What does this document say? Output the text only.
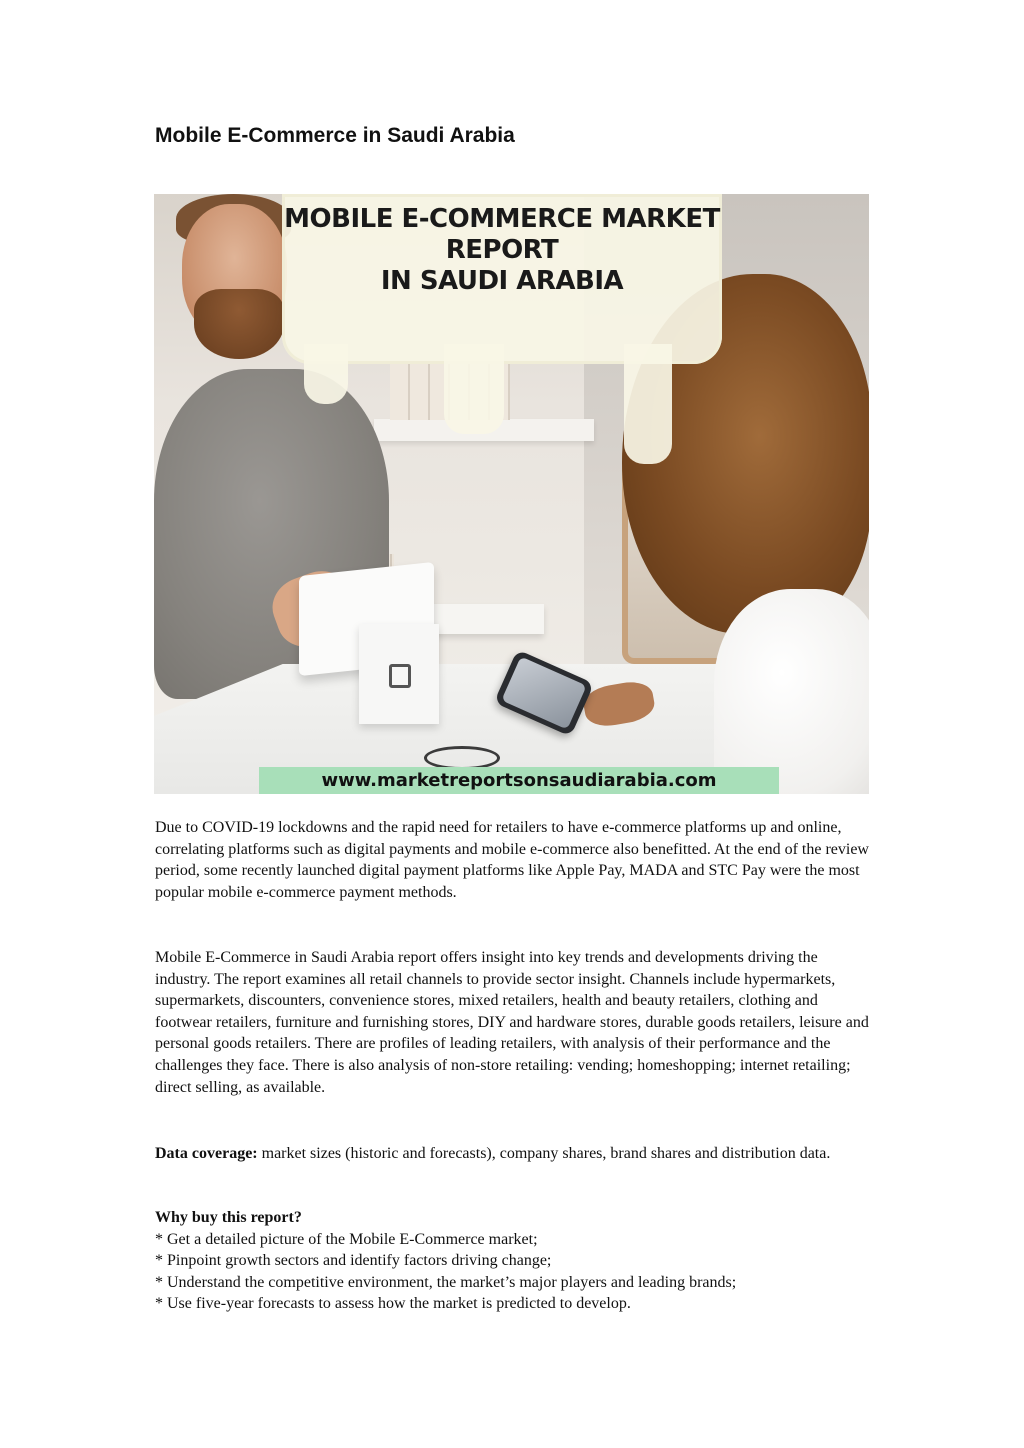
Mobile E-Commerce in Saudi Arabia
MOBILE E-COMMERCE MARKET
REPORT
IN SAUDI ARABIA
www.marketreportsonsaudiarabia.com
Due to COVID-19 lockdowns and the rapid need for retailers to have e-commerce platforms up and online, correlating platforms such as digital payments and mobile e-commerce also benefitted. At the end of the review period, some recently launched digital payment platforms like Apple Pay, MADA and STC Pay were the most popular mobile e-commerce payment methods.
Mobile E-Commerce in Saudi Arabia report offers insight into key trends and developments driving the industry. The report examines all retail channels to provide sector insight. Channels include hypermarkets, supermarkets, discounters, convenience stores, mixed retailers, health and beauty retailers, clothing and footwear retailers, furniture and furnishing stores, DIY and hardware stores, durable goods retailers, leisure and personal goods retailers. There are profiles of leading retailers, with analysis of their performance and the challenges they face. There is also analysis of non-store retailing: vending; homeshopping; internet retailing; direct selling, as available.
Data coverage: market sizes (historic and forecasts), company shares, brand shares and distribution data.
Why buy this report?
* Get a detailed picture of the Mobile E-Commerce market;
* Pinpoint growth sectors and identify factors driving change;
* Understand the competitive environment, the market’s major players and leading brands;
* Use five-year forecasts to assess how the market is predicted to develop.
